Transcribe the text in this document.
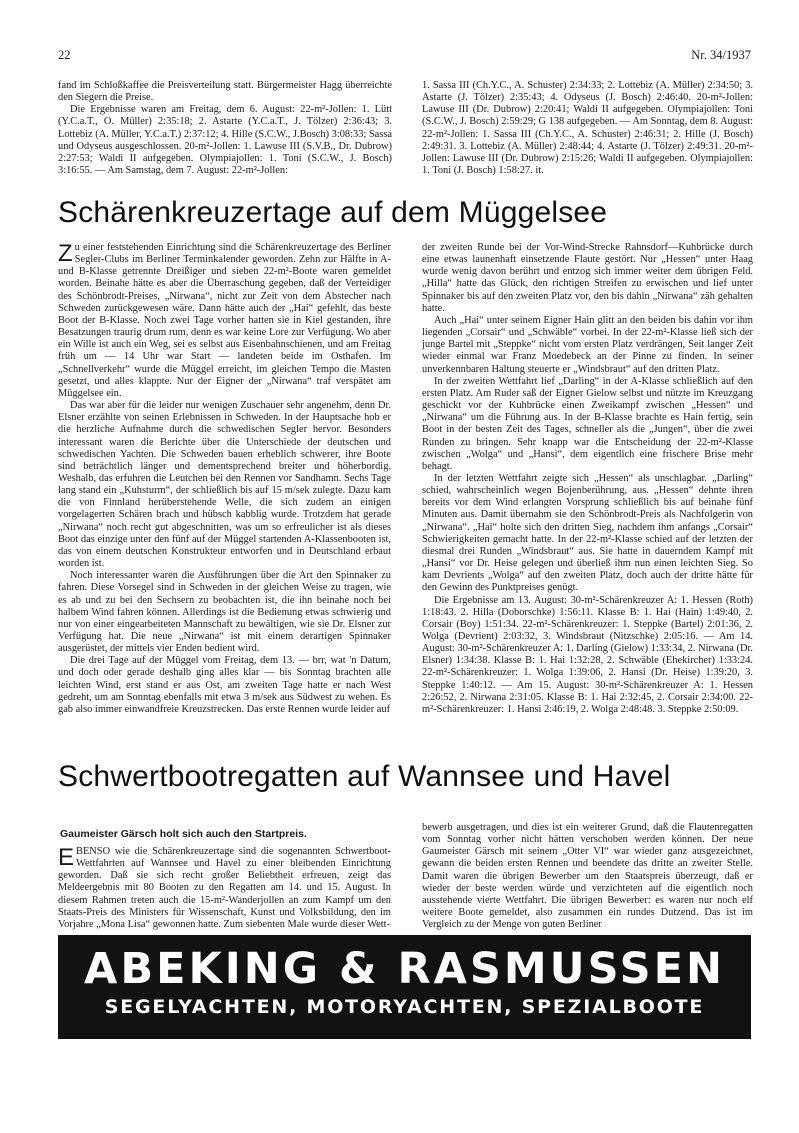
22	Nr. 34/1937

fand im Schloßkaffee die Preisverteilung statt. Bürgermeister Hagg überreichte den Siegern die Preise.

Die Ergebnisse waren am Freitag, dem 6. August: 22-m²-Jollen: 1. Lütt (Y.C.a.T., O. Müller) 2:35:18; 2. Astarte (Y.C.a.T., J. Tölzer) 2:36:43; 3. Lottebiz (A. Müller, Y.C.a.T.) 2:37:12; 4. Hille (S.C.W., J.Bosch) 3:08:33; Sassa und Odyseus ausgeschlossen. 20-m²-Jollen: 1. Lawuse III (S.V.B., Dr. Dubrow) 2:27:53; Waldi II aufgegeben. Olympiajollen: 1. Toni (S.C.W., J. Bosch) 3:16:55. — Am Samstag, dem 7. August: 22-m²-Jollen:

1. Sassa III (Ch.Y.C., A. Schuster) 2:34:33; 2. Lottebiz (A. Müller) 2:34:50; 3. Astarte (J. Tölzer) 2:35:43; 4. Odyseus (J. Bosch) 2:46:40. 20-m²-Jollen: Lawuse III (Dr. Dubrow) 2:20:41; Waldi II aufgegeben. Olympiajollen: Toni (S.C.W., J. Bosch) 2:59:29; G 138 aufgegeben. — Am Sonntag, dem 8. August: 22-m²-Jollen: 1. Sassa III (Ch.Y.C., A. Schuster) 2:46:31; 2. Hille (J. Bosch) 2:49:31. 3. Lottebiz (A. Müller) 2:48:44; 4. Astarte (J. Tölzer) 2:49:31. 20-m²-Jollen: Lawuse III (Dr. Dubrow) 2:15:26; Waldi II aufgegeben. Olympiajollen: 1. Toni (J. Bosch) 1:58:27. it.

Schärenkreuzertage auf dem Müggelsee

Zu einer feststehenden Einrichtung sind die Schärenkreuzertage des Berliner Segler-Clubs im Berliner Terminkalender geworden. Zehn zur Hälfte in A- und B-Klasse getrennte Dreißiger und sieben 22-m²-Boote waren gemeldet worden. Beinahe hätte es aber die Überraschung gegeben, daß der Verteidiger des Schönbrodt-Preises, „Nirwana“, nicht zur Zeit von dem Abstecher nach Schweden zurückgewesen wäre. Dann hätte auch der „Hai“ gefehlt, das beste Boot der B-Klasse. Noch zwei Tage vorher hatten sie in Kiel gestanden, ihre Besatzungen traurig drum rum, denn es war keine Lore zur Verfügung. Wo aber ein Wille ist auch ein Weg, sei es selbst aus Eisenbahnschienen, und am Freitag früh um — 14 Uhr war Start — landeten beide im Osthafen. Im „Schnellverkehr“ wurde die Müggel erreicht, im gleichen Tempo die Masten gesetzt, und alles klappte. Nur der Eigner der „Nirwana“ traf verspätet am Müggelsee ein.

Das war aber für die leider nur wenigen Zuschauer sehr angenehm, denn Dr. Elsner erzählte von seinen Erlebnissen in Schweden. In der Hauptsache hob er die herzliche Aufnahme durch die schwedischen Segler hervor. Besonders interessant waren die Berichte über die Unterschiede der deutschen und schwedischen Yachten. Die Schweden bauen erheblich schwerer, ihre Boote sind beträchtlich länger und dementsprechend breiter und höherbordig. Weshalb, das erfuhren die Leutchen bei den Rennen vor Sandhamn. Sechs Tage lang stand ein „Kuhsturm“, der schließlich bis auf 15 m/sek zulegte. Dazu kam die von Finnland herüberstehende Welle, die sich zudem an einigen vorgelagerten Schären brach und hübsch kabblig wurde. Trotzdem hat gerade „Nirwana“ noch recht gut abgeschnitten, was um so erfreulicher ist als dieses Boot das einzige unter den fünf auf der Müggel startenden A-Klassenbooten ist, das von einem deutschen Konstrukteur entworfen und in Deutschland erbaut worden ist.

Noch interessanter waren die Ausführungen über die Art den Spinnaker zu fahren. Diese Vorsegel sind in Schweden in der gleichen Weise zu tragen, wie es ab und zu bei den Sechsern zu beobachten ist, die ihn beinahe noch bei halbem Wind fahren können. Allerdings ist die Bedienung etwas schwierig und nur von einer eingearbeiteten Mannschaft zu bewältigen, wie sie Dr. Elsner zur Verfügung hat. Die neue „Nirwana“ ist mit einem derartigen Spinnaker ausgerüstet, der mittels vier Enden bedient wird.

Die drei Tage auf der Müggel vom Freitag, dem 13. — brr, wat 'n Datum, und doch oder gerade deshalb ging alles klar — bis Sonntag brachten alle leichten Wind, erst stand er aus Ost, am zweiten Tage hatte er nach West gedreht, um am Sonntag ebenfalls mit etwa 3 m/sek aus Südwest zu wehen. Es gab also immer einwandfreie Kreuzstrecken. Das erste Rennen wurde leider auf

der zweiten Runde bei der Vor-Wind-Strecke Rahnsdorf—Kuhbrücke durch eine etwas launenhaft einsetzende Flaute gestört. Nur „Hessen“ unter Haag wurde wenig davon berührt und entzog sich immer weiter dem übrigen Feld. „Hilla“ hatte das Glück, den richtigen Streifen zu erwischen und lief unter Spinnaker bis auf den zweiten Platz vor, den bis dahin „Nirwana“ zäh gehalten hatte.

Auch „Hai“ unter seinem Eigner Hain glitt an den beiden bis dahin vor ihm liegenden „Corsair“ und „Schwäble“ vorbei. In der 22-m²-Klasse ließ sich der junge Bartel mit „Steppke“ nicht vom ersten Platz verdrängen, Seit langer Zeit wieder einmal war Franz Moedebeck an der Pinne zu finden. In seiner unverkennbaren Haltung steuerte er „Windsbraut“ auf den dritten Platz.

In der zweiten Wettfahrt lief „Darling“ in der A-Klasse schließlich auf den ersten Platz. Am Ruder saß der Eigner Gielow selbst und nützte im Kreuzgang geschickt vor der Kuhbrücke einen Zweikampf zwischen „Hessen“ und „Nirwana“ um die Führung aus. In der B-Klasse brachte es Hain fertig, sein Boot in der besten Zeit des Tages, schneller als die „Jungen“, über die zwei Runden zu bringen. Sehr knapp war die Entscheidung der 22-m²-Klasse zwischen „Wolga“ und „Hansi“, dem eigentlich eine frischere Brise mehr behagt.

In der letzten Wettfahrt zeigte sich „Hessen“ als unschlagbar. „Darling“ schied, wahrscheinlich wegen Bojenberührung, aus. „Hessen“ dehnte ihren bereits vor dem Wind erlangten Vorsprung schließlich bis auf beinahe fünf Minuten aus. Damit übernahm sie den Schönbrodt-Preis als Nachfolgerin von „Nirwana“. „Hai“ holte sich den dritten Sieg, nachdem ihm anfangs „Corsair“ Schwierigkeiten gemacht hatte. In der 22-m²-Klasse schied auf der letzten der diesmal drei Runden „Windsbraut“ aus. Sie hatte in dauerndem Kampf mit „Hansi“ vor Dr. Heise gelegen und überließ ihm nun einen leichten Sieg. So kam Devrients „Wolga“ auf den zweiten Platz, doch auch der dritte hätte für den Gewinn des Punktpreises genügt.

Die Ergebnisse am 13. August: 30-m²-Schärenkreuzer A: 1. Hessen (Roth) 1:18:43. 2. Hilla (Doborschke) 1:56:11. Klasse B: 1. Hai (Hain) 1:49:40, 2. Corsair (Boy) 1:51:34. 22-m²-Schärenkreuzer: 1. Steppke (Bartel) 2:01:36, 2. Wolga (Devrient) 2:03:32, 3. Windsbraut (Nitzschke) 2:05:16. — Am 14. August: 30-m²-Schärenkreuzer A: 1. Darling (Gielow) 1:33:34, 2. Nirwana (Dr. Elsner) 1:34:38. Klasse B: 1. Hai 1:32:28, 2. Schwäble (Ehekircher) 1:33:24. 22-m²-Schärenkreuzer: 1. Wolga 1:39:06, 2. Hansi (Dr. Heise) 1:39:20, 3. Steppke 1:40:12. — Am 15. August: 30-m²-Schärenkreuzer A: 1. Hessen 2:26:52, 2. Nirwana 2:31:05. Klasse B: 1. Hai 2:32:45, 2. Corsair 2:34:00. 22-m²-Schärenkreuzer: 1. Hansi 2:46:19, 2. Wolga 2:48:48. 3. Steppke 2:50:09.

Schwertbootregatten auf Wannsee und Havel
Gaumeister Gärsch holt sich auch den Startpreis.

EBENSO wie die Schärenkreuzertage sind die sogenannten Schwertboot-Wettfahrten auf Wannsee und Havel zu einer bleibenden Einrichtung geworden. Daß sie sich recht großer Beliebtheit erfreuen, zeigt das Meldeergebnis mit 80 Booten zu den Regatten am 14. und 15. August. In diesem Rahmen treten auch die 15-m²-Wanderjollen an zum Kampf um den Staats-Preis des Ministers für Wissenschaft, Kunst und Volksbildung, den im Vorjahre „Mona Lisa“ gewonnen hatte. Zum siebenten Male wurde dieser Wett-

bewerb ausgetragen, und dies ist ein weiterer Grund, daß die Flautenregatten vom Sonntag vorher nicht hätten verschoben werden können. Der neue Gaumeister Gärsch mit seinem „Otter VI“ war wieder ganz ausgezeichnet, gewann die beiden ersten Rennen und beendete das dritte an zweiter Stelle. Damit waren die übrigen Bewerber um den Staatspreis überzeugt, daß er wieder der beste werden würde und verzichteten auf die eigentlich noch ausstehende vierte Wettfahrt. Die übrigen Bewerber: es waren nur noch elf weitere Boote gemeldet, also zusammen ein rundes Dutzend. Das ist im Vergleich zu der Menge von guten Berliner

ABEKING & RASMUSSEN
SEGELYACHTEN, MOTORYACHTEN, SPEZIALBOOTE
